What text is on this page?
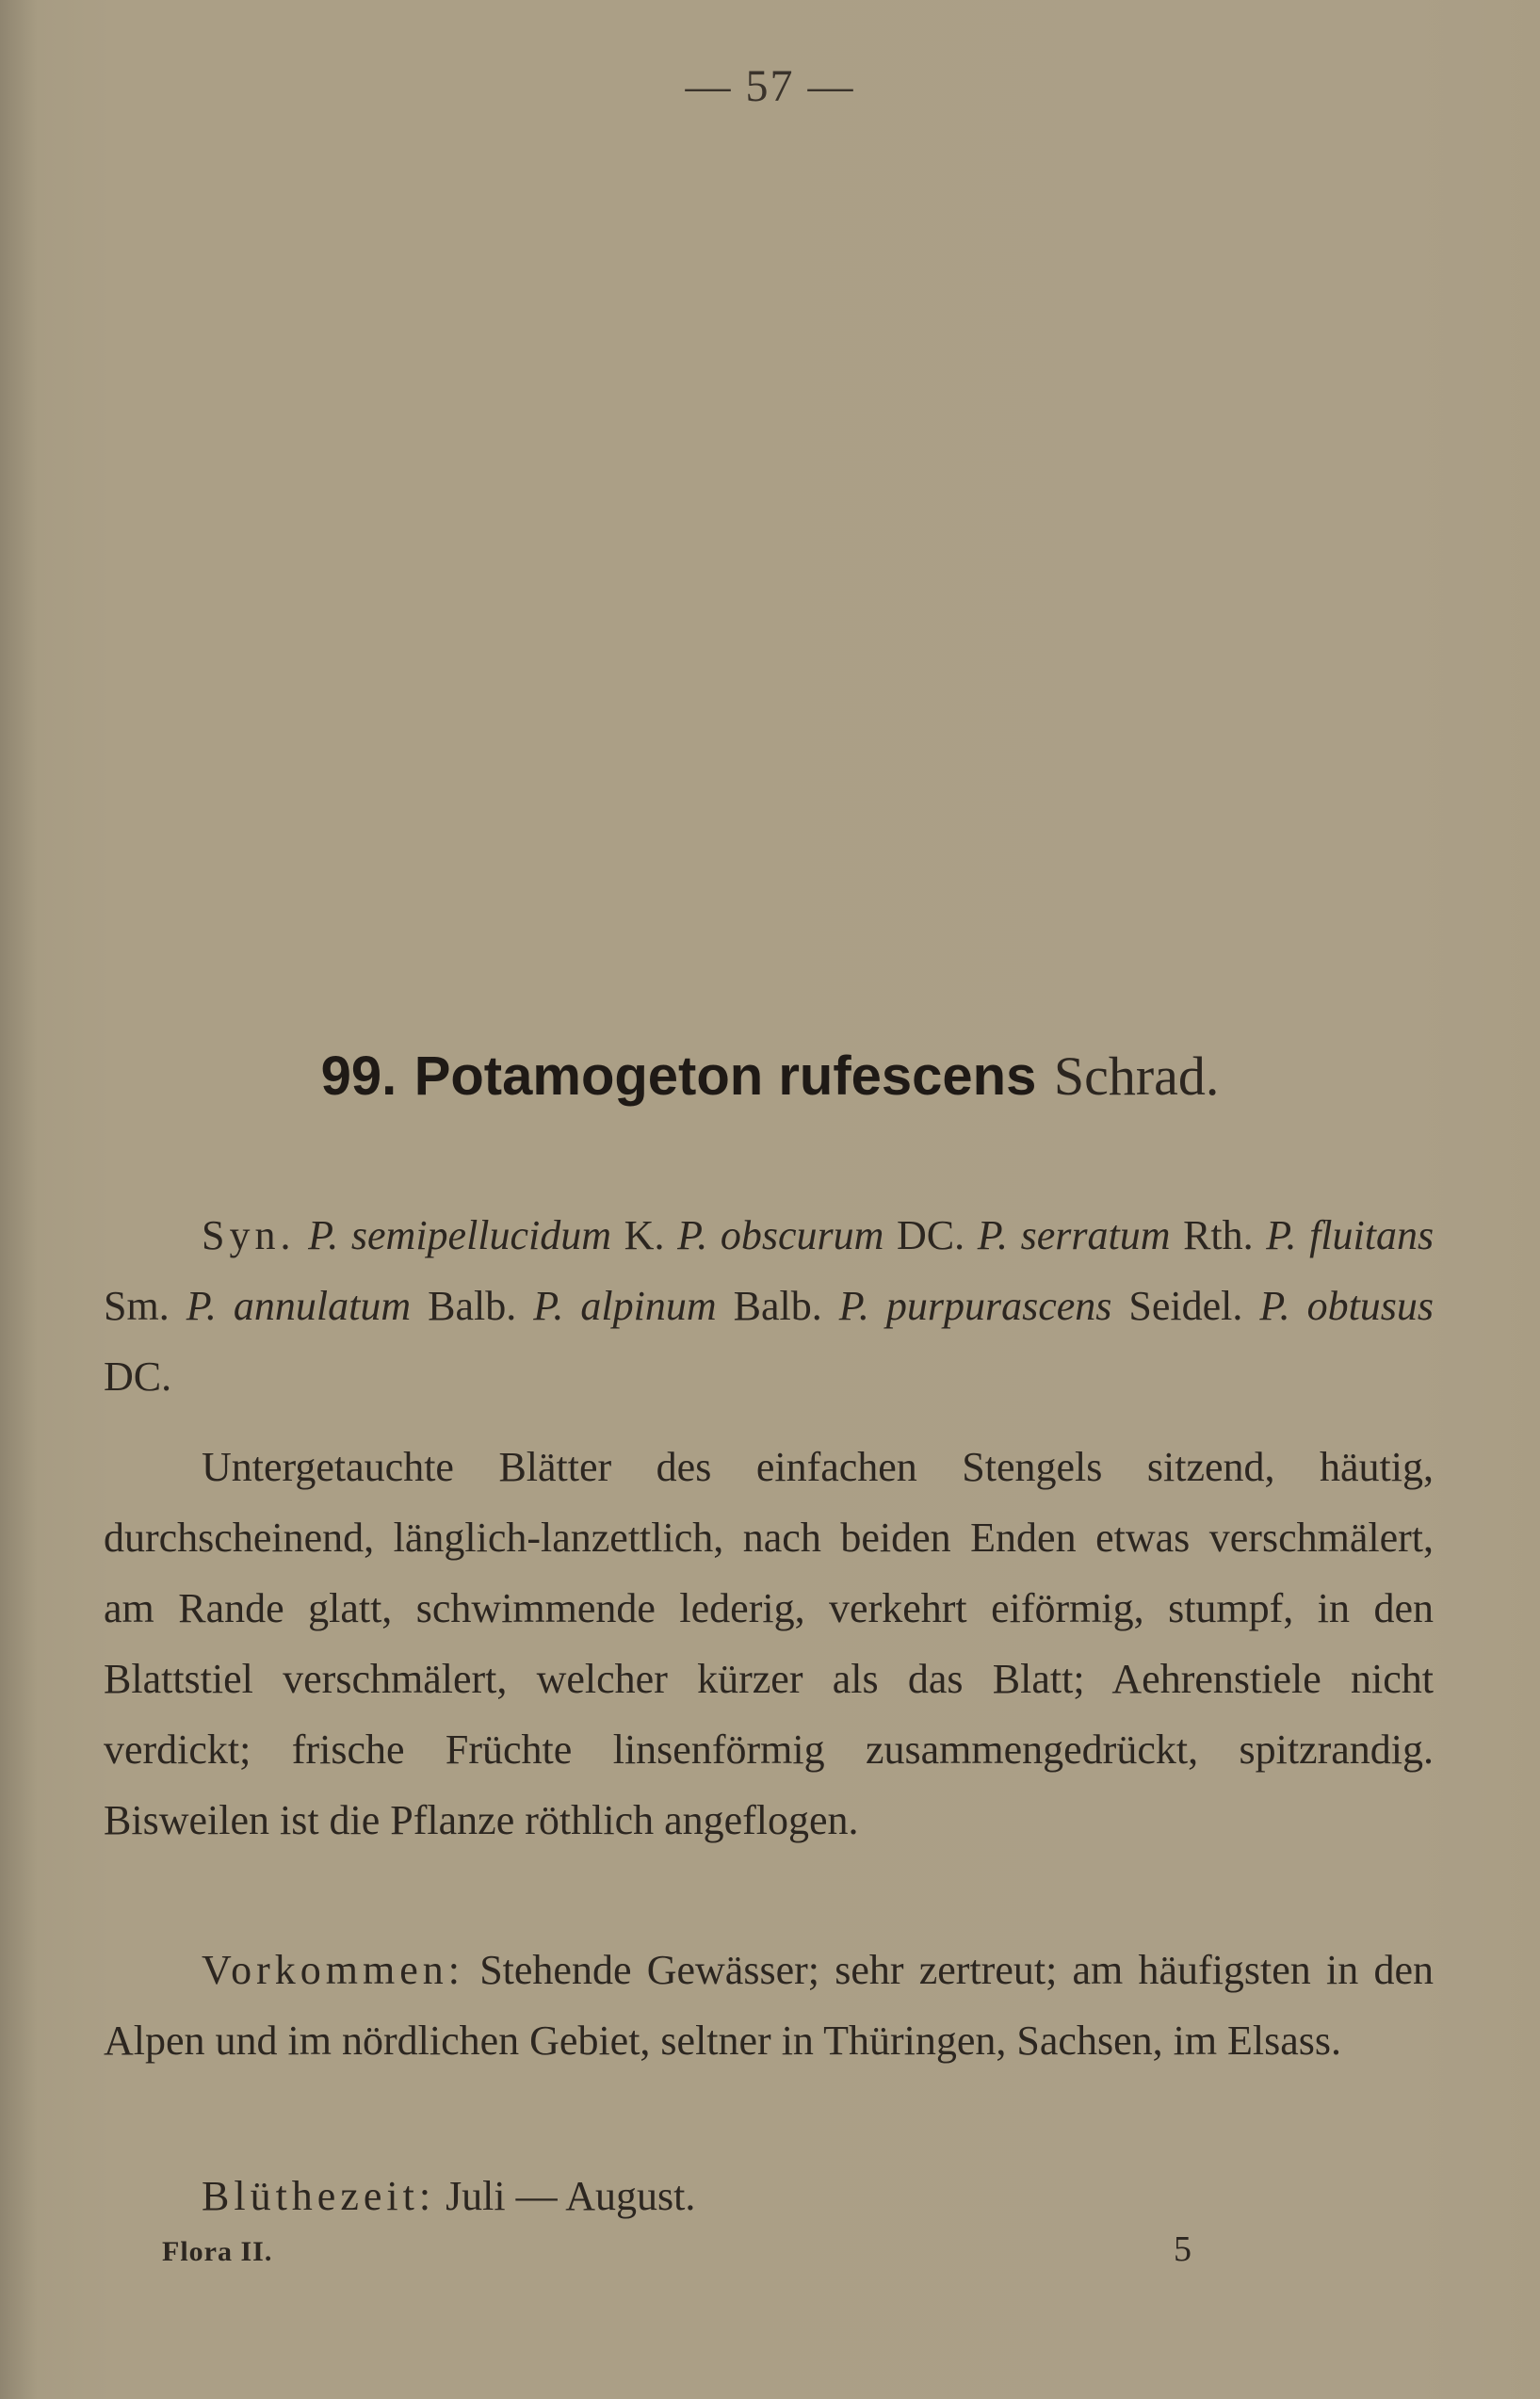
— 57 —
99. Potamogeton rufescens Schrad.
Syn. P. semipellucidum K. P. obscurum DC. P. serratum Rth. P. fluitans Sm. P. annulatum Balb. P. alpinum Balb. P. purpurascens Seidel. P. obtusus DC.
Untergetauchte Blätter des einfachen Stengels sitzend, häutig, durchscheinend, länglich-lanzettlich, nach beiden Enden etwas verschmälert, am Rande glatt, schwimmende lederig, verkehrt eiförmig, stumpf, in den Blattstiel verschmälert, welcher kürzer als das Blatt; Aehrenstiele nicht verdickt; frische Früchte linsenförmig zusammengedrückt, spitzrandig. Bisweilen ist die Pflanze röthlich angeflogen.
Vorkommen: Stehende Gewässer; sehr zertreut; am häufigsten in den Alpen und im nördlichen Gebiet, seltner in Thüringen, Sachsen, im Elsass.
Blüthezeit: Juli — August.
Flora II.	5
